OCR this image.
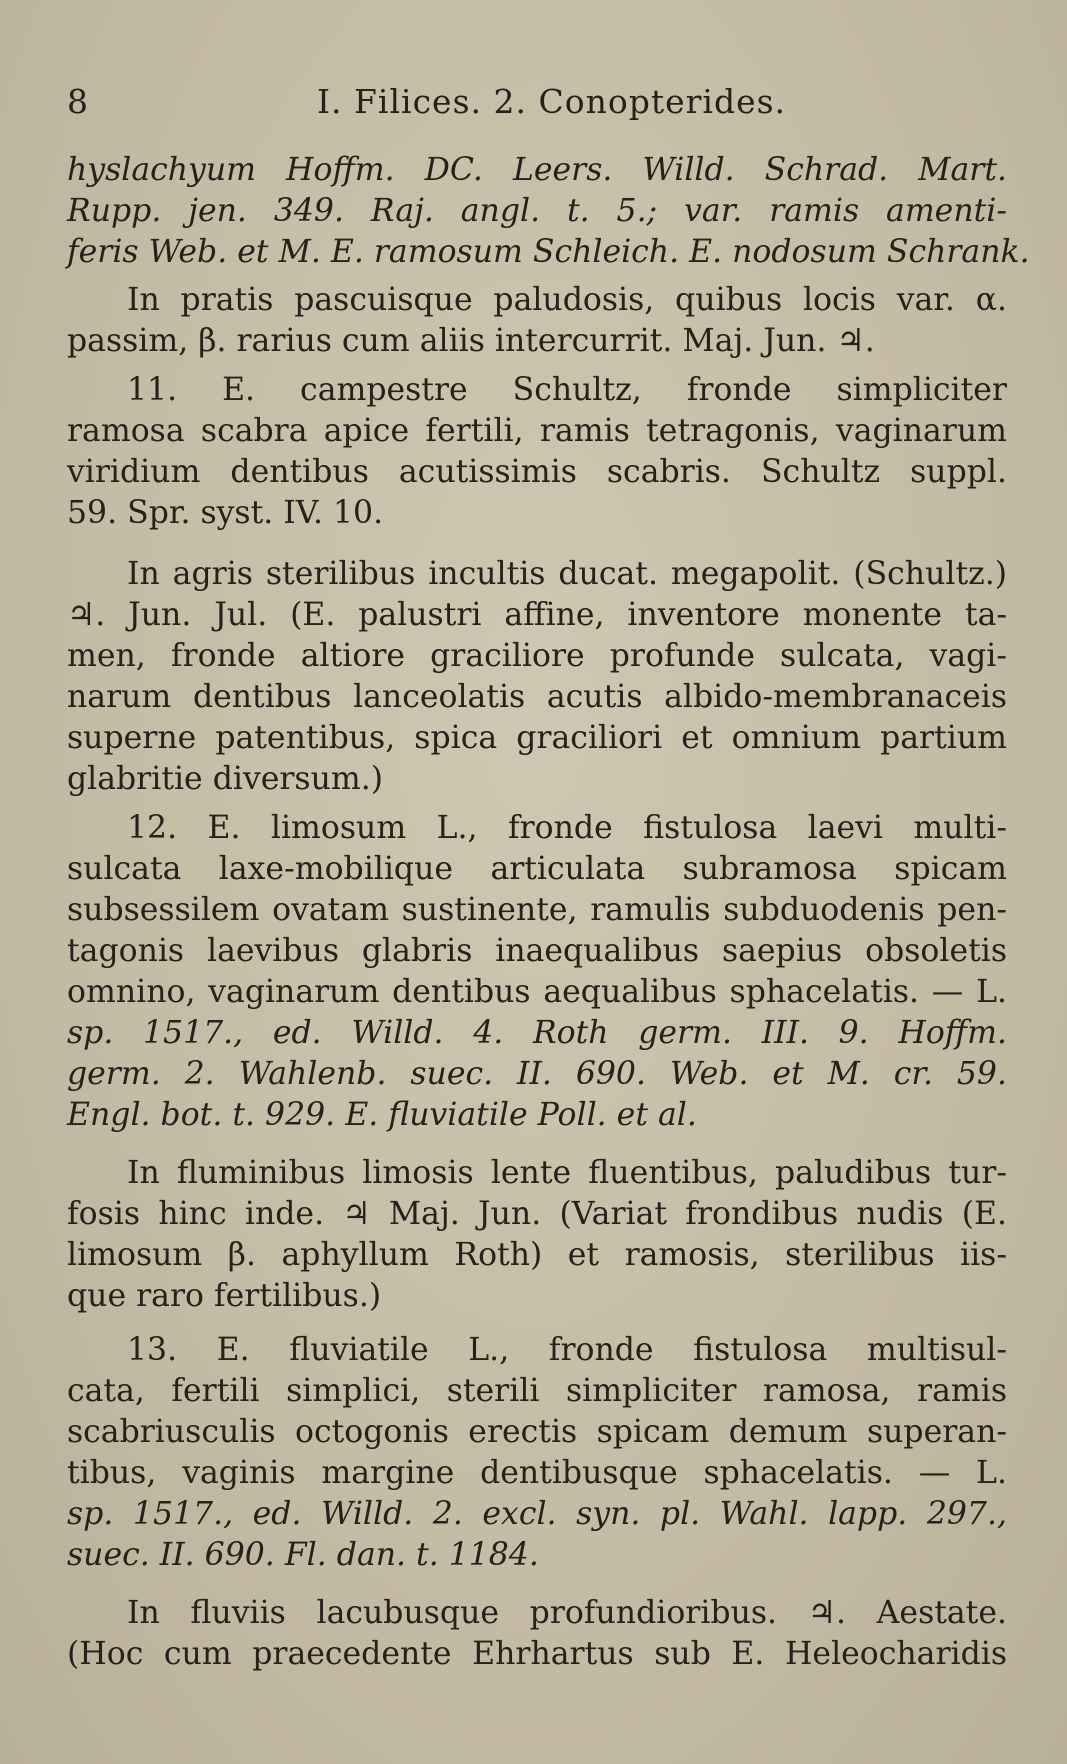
8	I. Filices. 2. Conopterides.
hyslachyum Hoffm. DC. Leers. Willd. Schrad. Mart.
Rupp. jen. 349. Raj. angl. t. 5.; var. ramis amenti-
feris Web. et M. E. ramosum Schleich. E. nodosum Schrank.
In pratis pascuisque paludosis, quibus locis var. α.
passim, β. rarius cum aliis intercurrit. Maj. Jun. ♃.
11. E. campestre Schultz, fronde simpliciter
ramosa scabra apice fertili, ramis tetragonis, vaginarum
viridium dentibus acutissimis scabris. Schultz suppl.
59. Spr. syst. IV. 10.
In agris sterilibus incultis ducat. megapolit. (Schultz.)
♃. Jun. Jul. (E. palustri affine, inventore monente ta-
men, fronde altiore graciliore profunde sulcata, vagi-
narum dentibus lanceolatis acutis albido-membranaceis
superne patentibus, spica graciliori et omnium partium
glabritie diversum.)
12. E. limosum L., fronde fistulosa laevi multi-
sulcata laxe-mobilique articulata subramosa spicam
subsessilem ovatam sustinente, ramulis subduodenis pen-
tagonis laevibus glabris inaequalibus saepius obsoletis
omnino, vaginarum dentibus aequalibus sphacelatis. — L.
sp. 1517., ed. Willd. 4. Roth germ. III. 9. Hoffm.
germ. 2. Wahlenb. suec. II. 690. Web. et M. cr. 59.
Engl. bot. t. 929. E. fluviatile Poll. et al.
In fluminibus limosis lente fluentibus, paludibus tur-
fosis hinc inde. ♃ Maj. Jun. (Variat frondibus nudis (E.
limosum β. aphyllum Roth) et ramosis, sterilibus iis-
que raro fertilibus.)
13. E. fluviatile L., fronde fistulosa multisul-
cata, fertili simplici, sterili simpliciter ramosa, ramis
scabriusculis octogonis erectis spicam demum superan-
tibus, vaginis margine dentibusque sphacelatis. — L.
sp. 1517., ed. Willd. 2. excl. syn. pl. Wahl. lapp. 297.,
suec. II. 690. Fl. dan. t. 1184.
In fluviis lacubusque profundioribus. ♃. Aestate.
(Hoc cum praecedente Ehrhartus sub E. Heleocharidis
